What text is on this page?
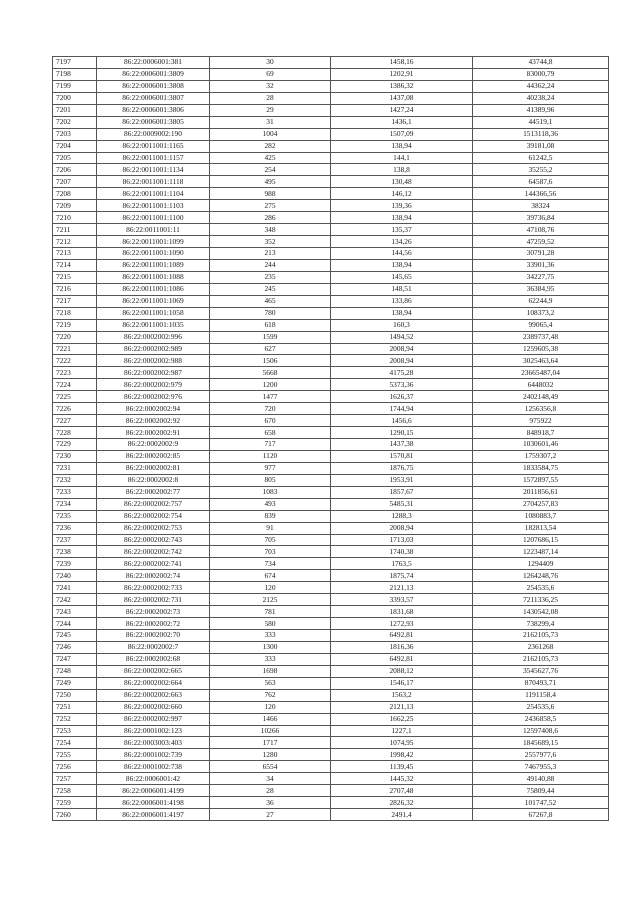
7197	86:22:0006001:381	30	1458,16	43744,8
7198	86:22:0006001:3809	69	1202,91	83000,79
7199	86:22:0006001:3808	32	1386,32	44362,24
7200	86:22:0006001:3807	28	1437,08	40238,24
7201	86:22:0006001:3806	29	1427,24	41389,96
7202	86:22:0006001:3805	31	1436,1	44519,1
7203	86:22:0009002:190	1004	1507,09	1513118,36
7204	86:22:0011001:1165	282	138,94	39181,08
7205	86:22:0011001:1157	425	144,1	61242,5
7206	86:22:0011001:1134	254	138,8	35255,2
7207	86:22:0011001:1118	495	130,48	64587,6
7208	86:22:0011001:1104	988	146,12	144366,56
7209	86:22:0011001:1103	275	139,36	38324
7210	86:22:0011001:1100	286	138,94	39736,84
7211	86:22:0011001:11	348	135,37	47108,76
7212	86:22:0011001:1099	352	134,26	47259,52
7213	86:22:0011001:1090	213	144,56	30791,28
7214	86:22:0011001:1089	244	138,94	33901,36
7215	86:22:0011001:1088	235	145,65	34227,75
7216	86:22:0011001:1086	245	148,51	36384,95
7217	86:22:0011001:1069	465	133,86	62244,9
7218	86:22:0011001:1058	780	138,94	108373,2
7219	86:22:0011001:1035	618	160,3	99065,4
7220	86:22:0002002:996	1599	1494,52	2389737,48
7221	86:22:0002002:989	627	2008,94	1259605,38
7222	86:22:0002002:988	1506	2008,94	3025463,64
7223	86:22:0002002:987	5668	4175,28	23665487,04
7224	86:22:0002002:979	1200	5373,36	6448032
7225	86:22:0002002:976	1477	1626,37	2402148,49
7226	86:22:0002002:94	720	1744,94	1256356,8
7227	86:22:0002002:92	670	1456,6	975922
7228	86:22:0002002:91	658	1290,15	848918,7
7229	86:22:0002002:9	717	1437,38	1030601,46
7230	86:22:0002002:85	1120	1570,81	1759307,2
7231	86:22:0002002:81	977	1876,75	1833584,75
7232	86:22:0002002:8	805	1953,91	1572897,55
7233	86:22:0002002:77	1083	1857,67	2011856,61
7234	86:22:0002002:757	493	5485,31	2704257,83
7235	86:22:0002002:754	839	1288,3	1080883,7
7236	86:22:0002002:753	91	2008,94	182813,54
7237	86:22:0002002:743	705	1713,03	1207686,15
7238	86:22:0002002:742	703	1740,38	1223487,14
7239	86:22:0002002:741	734	1763,5	1294409
7240	86:22:0002002:74	674	1875,74	1264248,76
7241	86:22:0002002:733	120	2121,13	254535,6
7242	86:22:0002002:731	2125	3393,57	7211336,25
7243	86:22:0002002:73	781	1831,68	1430542,08
7244	86:22:0002002:72	580	1272,93	738299,4
7245	86:22:0002002:70	333	6492,81	2162105,73
7246	86:22:0002002:7	1300	1816,36	2361268
7247	86:22:0002002:68	333	6492,81	2162105,73
7248	86:22:0002002:665	1698	2088,12	3545627,76
7249	86:22:0002002:664	563	1546,17	870493,71
7250	86:22:0002002:663	762	1563,2	1191158,4
7251	86:22:0002002:660	120	2121,13	254535,6
7252	86:22:0002002:997	1466	1662,25	2436858,5
7253	86:22:0001002:123	10266	1227,1	12597408,6
7254	86:22:0003003:403	1717	1074,95	1845689,15
7255	86:22:0001002:739	1280	1998,42	2557977,6
7256	86:22:0001002:738	6554	1139,45	7467955,3
7257	86:22:0006001:42	34	1445,32	49140,88
7258	86:22:0006001:4199	28	2707,48	75809,44
7259	86:22:0006001:4198	36	2826,32	101747,52
7260	86:22:0006001:4197	27	2491,4	67267,8
